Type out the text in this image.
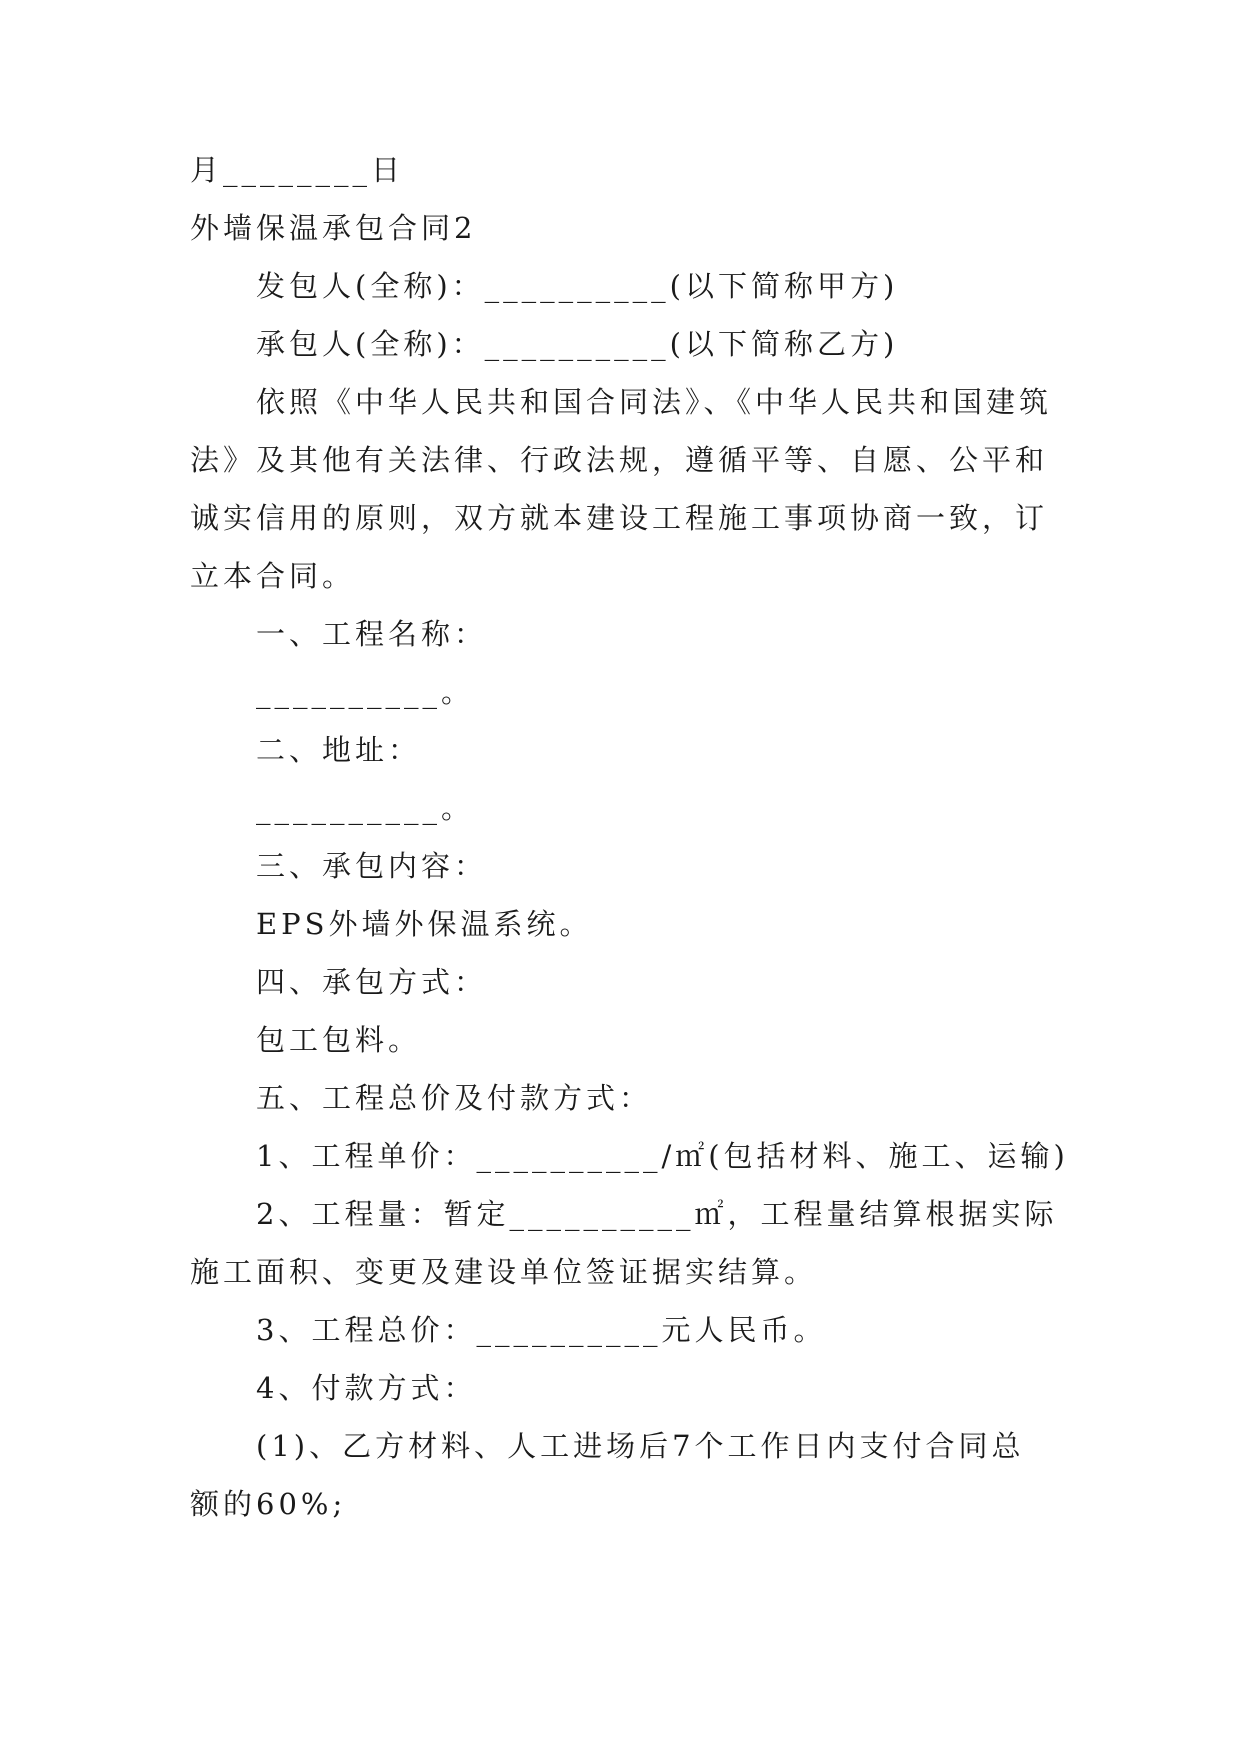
月________日
外墙保温承包合同2
发包人(全称)：__________(以下简称甲方)
承包人(全称)：__________(以下简称乙方)
依照《中华人民共和国合同法》、《中华人民共和国建筑
法》及其他有关法律、行政法规，遵循平等、自愿、公平和
诚实信用的原则，双方就本建设工程施工事项协商一致，订
立本合同。
一、工程名称：
__________。
二、地址：
__________。
三、承包内容：
EPS外墙外保温系统。
四、承包方式：
包工包料。
五、工程总价及付款方式：
1、工程单价：__________/㎡(包括材料、施工、运输)
2、工程量：暂定__________㎡，工程量结算根据实际
施工面积、变更及建设单位签证据实结算。
3、工程总价：__________元人民币。
4、付款方式：
(1)、乙方材料、人工进场后7个工作日内支付合同总
额的60%;
